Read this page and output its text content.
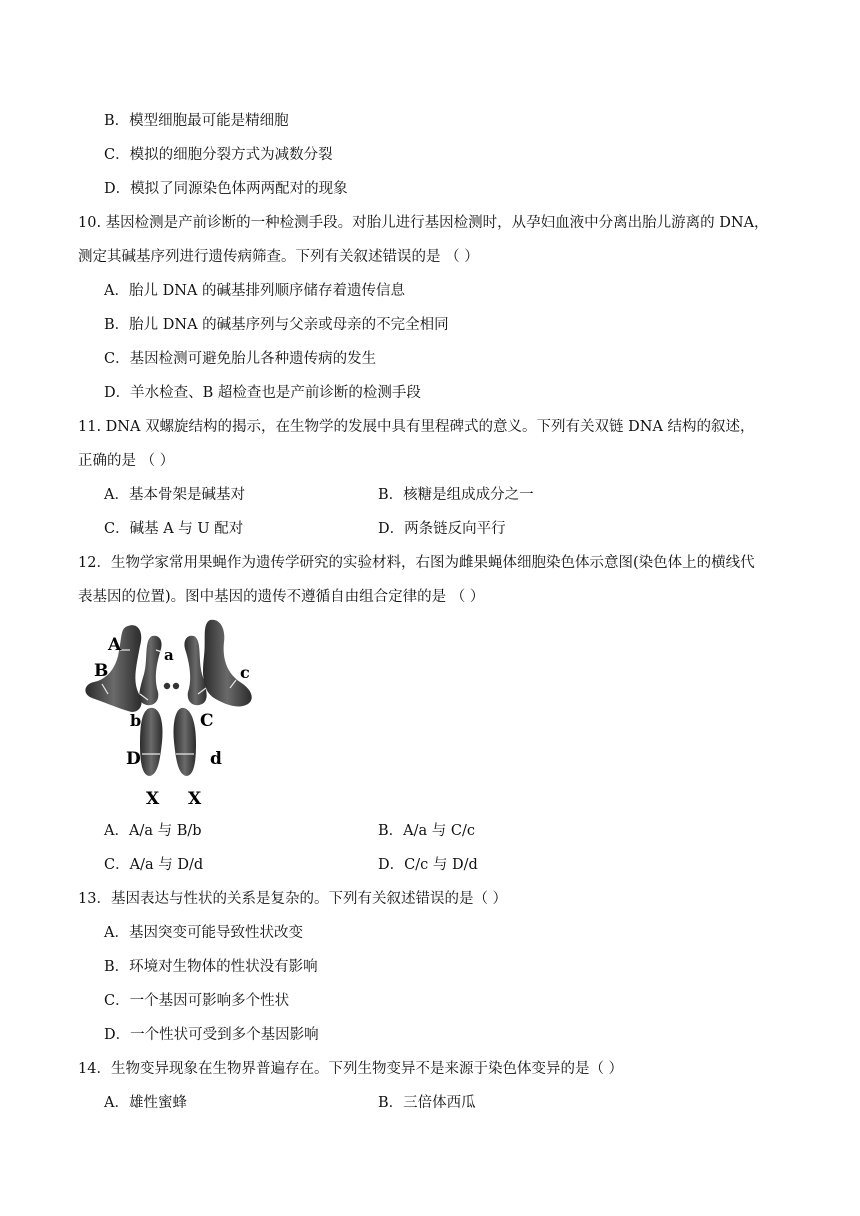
B．模型细胞最可能是精细胞
C．模拟的细胞分裂方式为减数分裂
D．模拟了同源染色体两两配对的现象
10. 基因检测是产前诊断的一种检测手段。对胎儿进行基因检测时，从孕妇血液中分离出胎儿游离的 DNA，
测定其碱基序列进行遗传病筛查。下列有关叙述错误的是 （ ）
A．胎儿 DNA 的碱基排列顺序储存着遗传信息
B．胎儿 DNA 的碱基序列与父亲或母亲的不完全相同
C．基因检测可避免胎儿各种遗传病的发生
D．羊水检查、B 超检查也是产前诊断的检测手段
11. DNA 双螺旋结构的揭示，在生物学的发展中具有里程碑式的意义。下列有关双链 DNA 结构的叙述，
正确的是 （ ）
A．基本骨架是碱基对	B．核糖是组成成分之一
C．碱基 A 与 U 配对	D．两条链反向平行
12．生物学家常用果蝇作为遗传学研究的实验材料，右图为雌果蝇体细胞染色体示意图(染色体上的横线代
表基因的位置)。图中基因的遗传不遵循自由组合定律的是 （ ）
A
B
a
b
c
C
D	d
X X
A．A/a 与 B/b	B．A/a 与 C/c
C．A/a 与 D/d	D．C/c 与 D/d
13．基因表达与性状的关系是复杂的。下列有关叙述错误的是（ ）
A．基因突变可能导致性状改变
B．环境对生物体的性状没有影响
C．一个基因可影响多个性状
D．一个性状可受到多个基因影响
14．生物变异现象在生物界普遍存在。下列生物变异不是来源于染色体变异的是（ ）
A．雄性蜜蜂	B．三倍体西瓜
